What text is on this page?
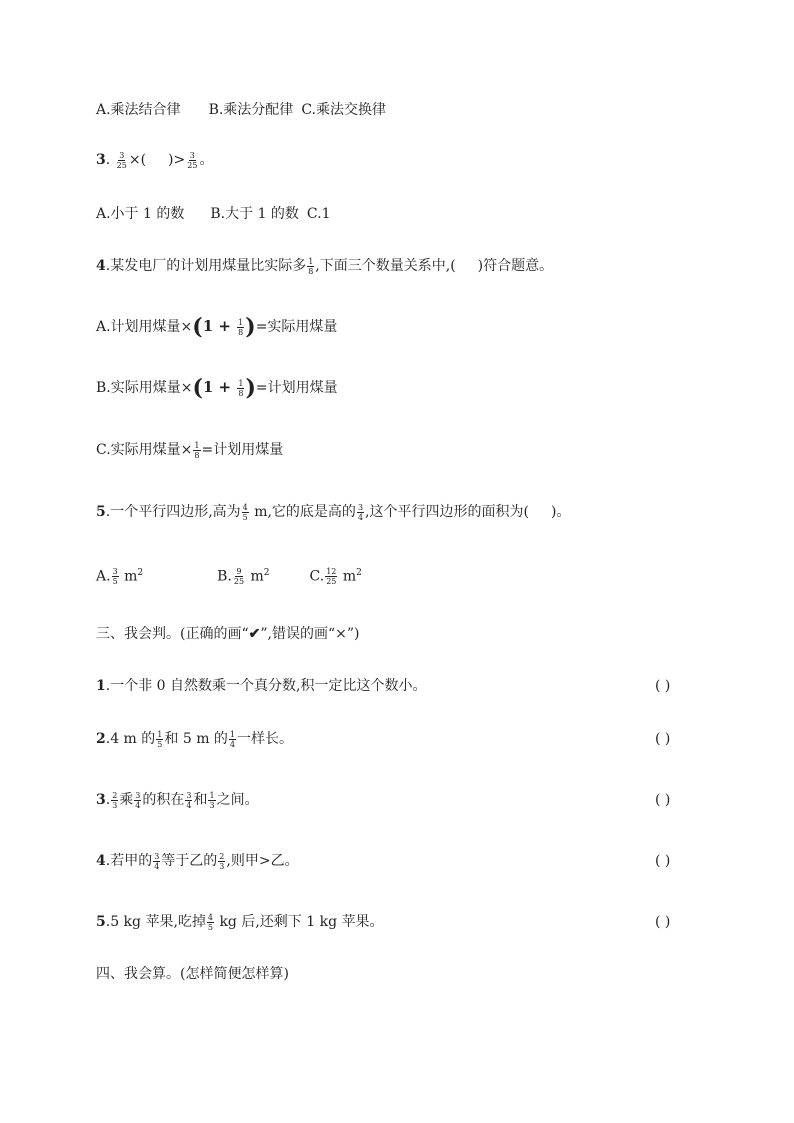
A.乘法结合律 B.乘法分配律 C.乘法交换律
3. $\frac{3}{25}$ ×( )> $\frac{3}{25}$ 。
A.小于 1 的数 B.大于 1 的数 C.1
4.某发电厂的计划用煤量比实际多 $\frac{1}{8}$ ,下面三个数量关系中,( )符合题意。
A.计划用煤量$\times(1 + \frac{1}{8}$ )=实际用煤量
B.实际用煤量$\times(1 + \frac{1}{8}$ )=计划用煤量
C.实际用煤量× $\frac{1}{8}$ =计划用煤量
5.一个平行四边形,高为 $\frac{4}{5} m$,它的底是高的 $\frac{3}{4}$ ,这个平行四边形的面积为( )。
A. $\frac{3}{5} m^2$	B. $\frac{9}{25} m^2$	C. $\frac{12}{25} m^2$
三、我会判。(正确的画“✔”,错误的画“×”)
1.一个非 0 自然数乘一个真分数,积一定比这个数小。	( )
2.4 m 的 $\frac{1}{5}$ 和 5 m 的 $\frac{1}{4}$ 一样长。	( )
3. $\frac{2}{3}$ 乘 $\frac{3}{4}$ 的积在 $\frac{3}{4}$ 和 $\frac{1}{3}$ 之间。	( )
4.若甲的 $\frac{3}{4}$ 等于乙的 $\frac{2}{3}$ ,则甲>乙。	( )
5.5 kg 苹果,吃掉 $\frac{4}{5}$ kg 后,还剩下 1 kg 苹果。	( )
四、我会算。(怎样简便怎样算)
